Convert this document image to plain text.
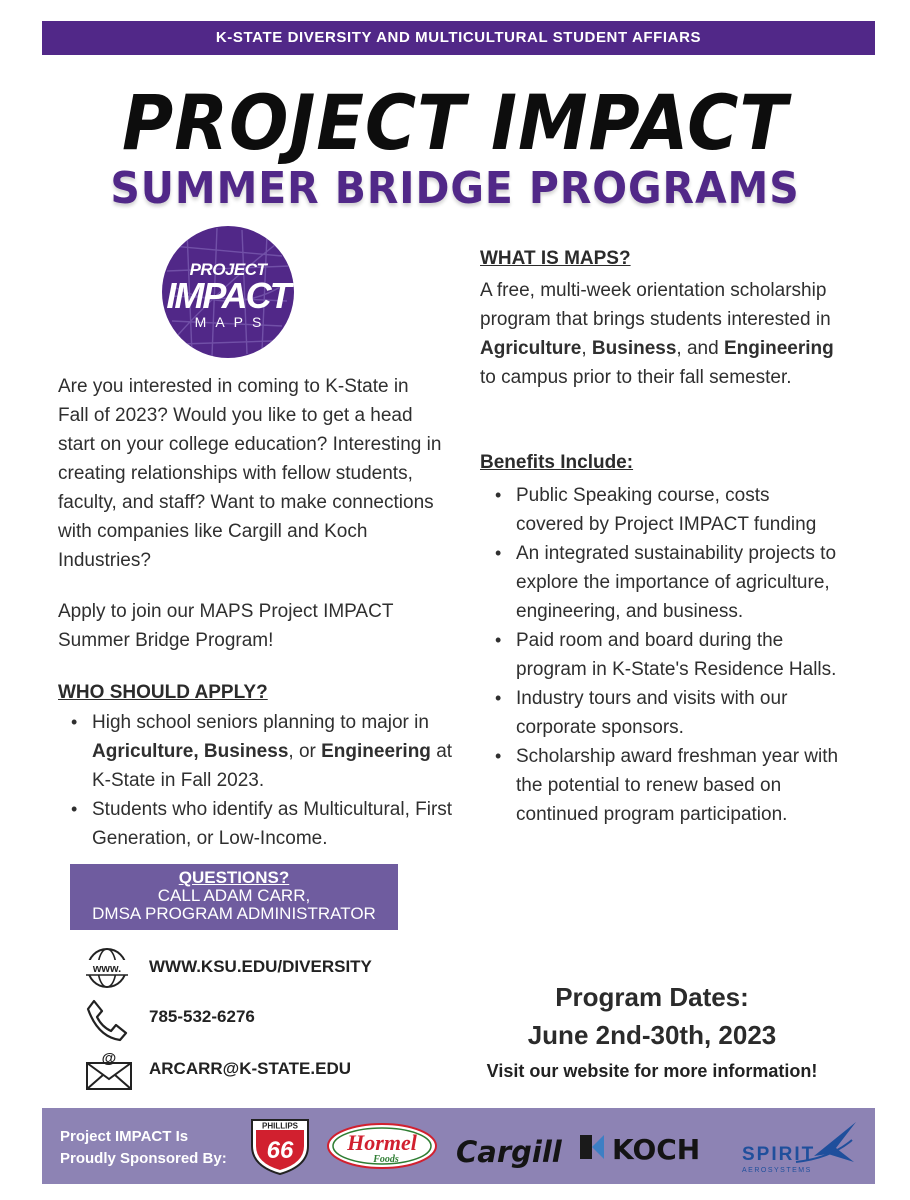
K-STATE DIVERSITY AND MULTICULTURAL STUDENT AFFIARS
PROJECT IMPACT
SUMMER BRIDGE PROGRAMS
PROJECT
IMPACT
MAPS

Are you interested in coming to K-State in Fall of 2023? Would you like to get a head start on your college education? Interesting in creating relationships with fellow students, faculty, and staff? Want to make connections with companies like Cargill and Koch Industries?

Apply to join our MAPS Project IMPACT Summer Bridge Program!

WHO SHOULD APPLY?
• High school seniors planning to major in Agriculture, Business, or Engineering at K-State in Fall 2023.
• Students who identify as Multicultural, First Generation, or Low-Income.
QUESTIONS?
CALL ADAM CARR,
DMSA PROGRAM ADMINISTRATOR
www. WWW.KSU.EDU/DIVERSITY
785-532-6276
@
ARCARR@K-STATE.EDU
WHAT IS MAPS?

A free, multi-week orientation scholarship program that brings students interested in Agriculture, Business, and Engineering to campus prior to their fall semester.

Benefits Include:
• Public Speaking course, costs covered by Project IMPACT funding
• An integrated sustainability projects to explore the importance of agriculture, engineering, and business.
• Paid room and board during the program in K-State's Residence Halls.
• Industry tours and visits with our corporate sponsors.
• Scholarship award freshman year with the potential to renew based on continued program participation.
Program Dates:
June 2nd-30th, 2023
Visit our website for more information!
Project IMPACT Is
Proudly Sponsored By:
PHILLIPS
66 Hormel
Foods Cargill KOCH SPIRIT
AEROSYSTEMS
